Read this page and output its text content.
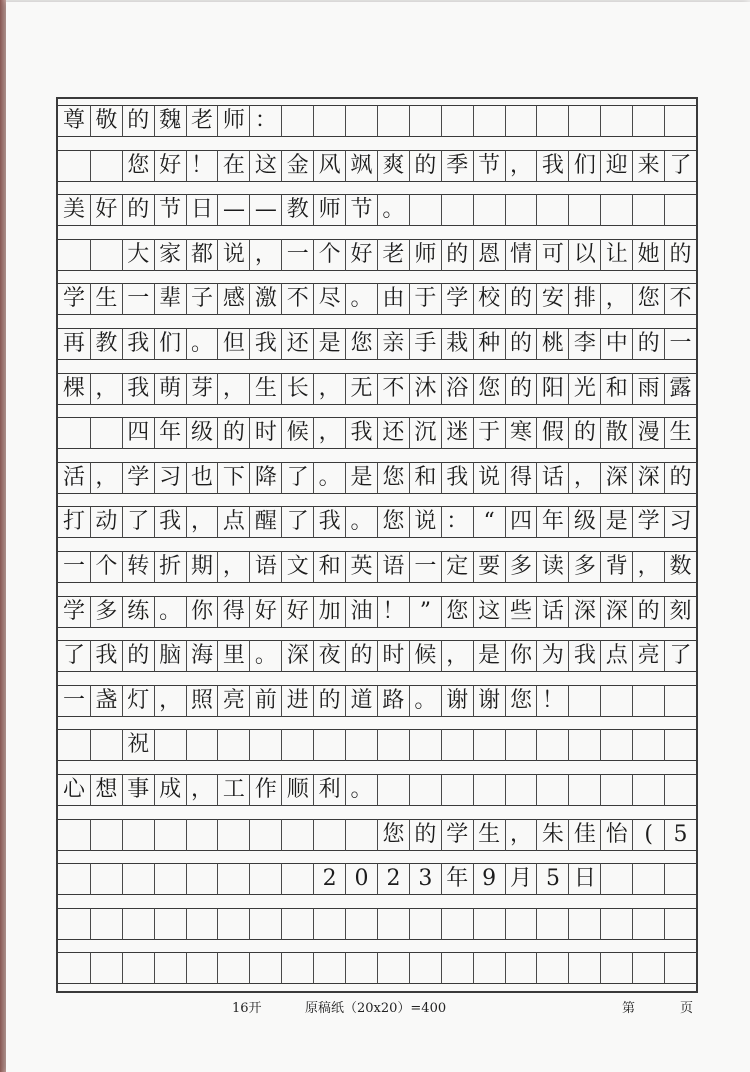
尊 敬 的 魏 老 师 ：
您 好 ！ 在 这 金 风 飒 爽 的 季 节 ， 我 们 迎 来 了
美 好 的 节 日 — — 教 师 节 。
大 家 都 说 ， 一 个 好 老 师 的 恩 情 可 以 让 她 的
学 生 一 辈 子 感 激 不 尽 。 由 于 学 校 的 安 排 ， 您 不
再 教 我 们 。 但 我 还 是 您 亲 手 栽 种 的 桃 李 中 的 一
棵 ， 我 萌 芽 ， 生 长 ， 无 不 沐 浴 您 的 阳 光 和 雨 露
四 年 级 的 时 候 ， 我 还 沉 迷 于 寒 假 的 散 漫 生
活 ， 学 习 也 下 降 了 。 是 您 和 我 说 得 话 ， 深 深 的
打 动 了 我 ， 点 醒 了 我 。 您 说 ： “ 四 年 级 是 学 习
一 个 转 折 期 ， 语 文 和 英 语 一 定 要 多 读 多 背 ， 数
学 多 练 。 你 得 好 好 加 油 ！ ” 您 这 些 话 深 深 的 刻
了 我 的 脑 海 里 。 深 夜 的 时 候 ， 是 你 为 我 点 亮 了
一 盏 灯 ， 照 亮 前 进 的 道 路 。 谢 谢 您 ！
祝
心 想 事 成 ， 工 作 顺 利 。
您 的 学 生 ， 朱 佳 怡 ( 5
2 0 2 3 年 9 月 5 日
16开	原稿纸（20x20）=400	第	页
